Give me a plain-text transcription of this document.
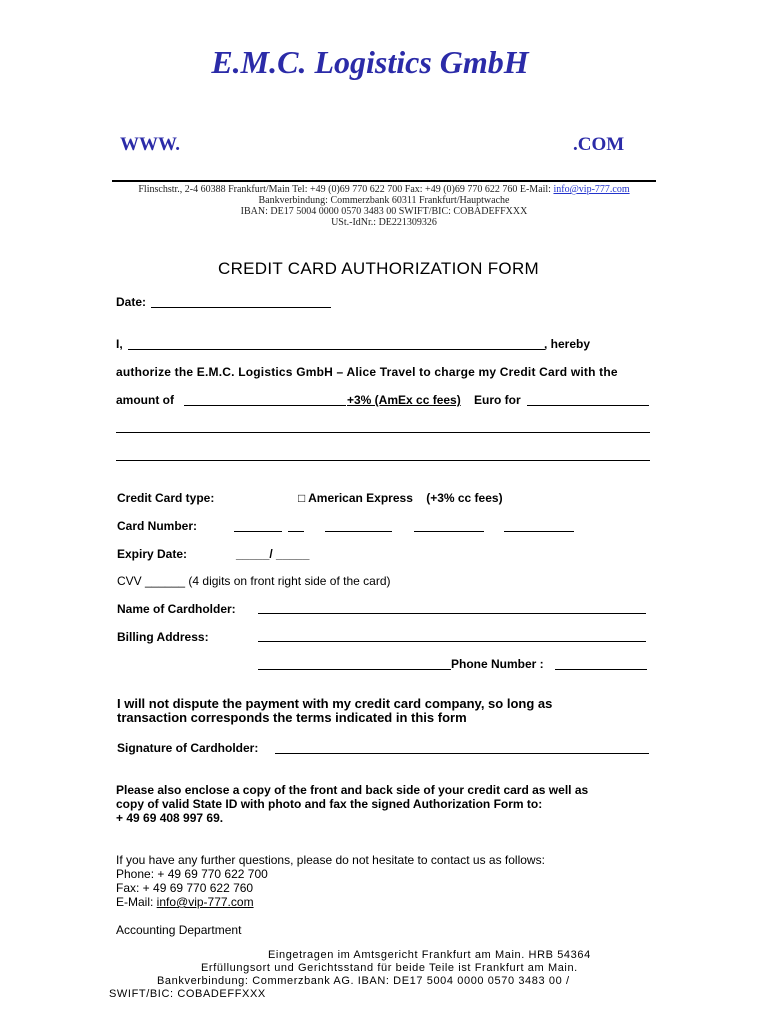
E.M.C. Logistics GmbH
WWW.	.COM
Flinschstr., 2-4 60388 Frankfurt/Main Tel: +49 (0)69 770 622 700 Fax: +49 (0)69 770 622 760 E-Mail: info@vip-777.com
Bankverbindung: Commerzbank 60311 Frankfurt/Hauptwache
IBAN: DE17 5004 0000 0570 3483 00 SWIFT/BIC: COBADEFFXXX
USt.-IdNr.: DE221309326
CREDIT CARD AUTHORIZATION FORM
Date:
I,	, hereby
authorize the E.M.C. Logistics GmbH – Alice Travel to charge my Credit Card with the
amount of	+3% (AmEx cc fees) Euro for
Credit Card type:	□ American Express    (+3% cc fees)
Card Number:
Expiry Date:	_____/ _____
CVV ______ (4 digits on front right side of the card)
Name of Cardholder:
Billing Address:
Phone Number :
I will not dispute the payment with my credit card company, so long as
transaction corresponds the terms indicated in this form
Signature of Cardholder:
Please also enclose a copy of the front and back side of your credit card as well as
copy of valid State ID with photo and fax the signed Authorization Form to:
+ 49 69 408 997 69.
If you have any further questions, please do not hesitate to contact us as follows:
Phone: + 49 69 770 622 700
Fax: + 49 69 770 622 760
E-Mail: info@vip-777.com
Accounting Department
Eingetragen im Amtsgericht Frankfurt am Main. HRB 54364
Erfüllungsort und Gerichtsstand für beide Teile ist Frankfurt am Main.
Bankverbindung: Commerzbank AG. IBAN: DE17 5004 0000 0570 3483 00 /
SWIFT/BIC: COBADEFFXXX
